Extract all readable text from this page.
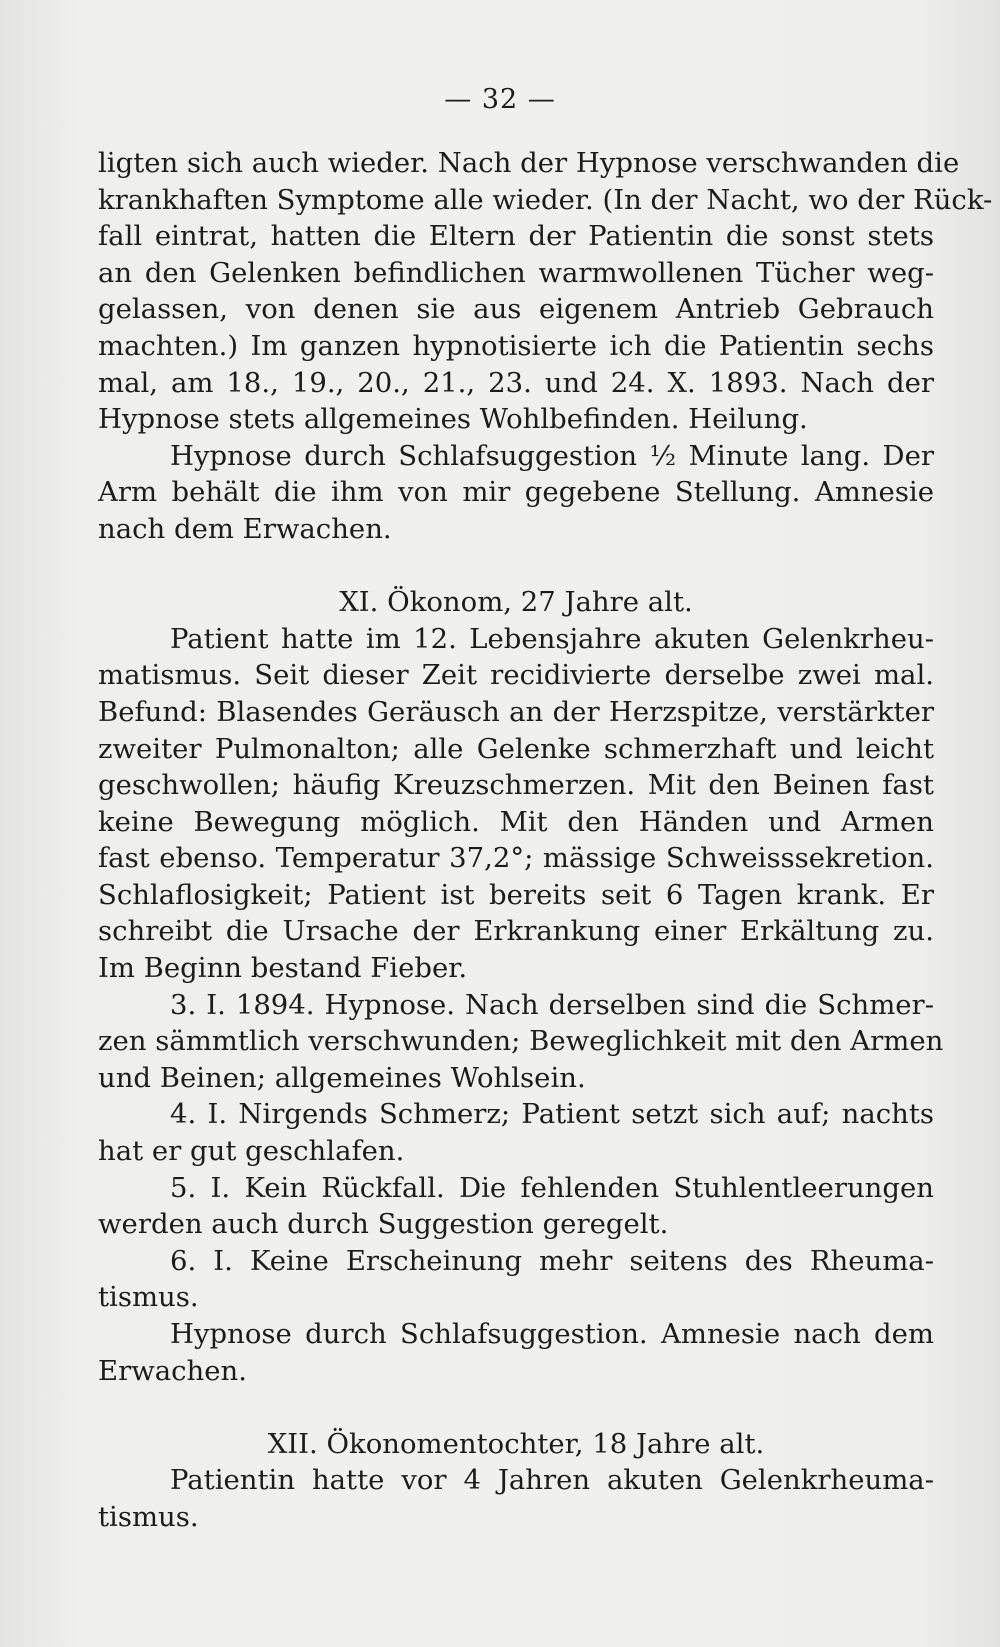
— 32 —
ligten sich auch wieder. Nach der Hypnose verschwanden die
krankhaften Symptome alle wieder. (In der Nacht, wo der Rück-
fall eintrat, hatten die Eltern der Patientin die sonst stets
an den Gelenken befindlichen warmwollenen Tücher weg-
gelassen, von denen sie aus eigenem Antrieb Gebrauch
machten.) Im ganzen hypnotisierte ich die Patientin sechs
mal, am 18., 19., 20., 21., 23. und 24. X. 1893. Nach der
Hypnose stets allgemeines Wohlbefinden. Heilung.
Hypnose durch Schlafsuggestion ½ Minute lang. Der
Arm behält die ihm von mir gegebene Stellung. Amnesie
nach dem Erwachen.
XI. Ökonom, 27 Jahre alt.
Patient hatte im 12. Lebensjahre akuten Gelenkrheu-
matismus. Seit dieser Zeit recidivierte derselbe zwei mal.
Befund: Blasendes Geräusch an der Herzspitze, verstärkter
zweiter Pulmonalton; alle Gelenke schmerzhaft und leicht
geschwollen; häufig Kreuzschmerzen. Mit den Beinen fast
keine Bewegung möglich. Mit den Händen und Armen
fast ebenso. Temperatur 37,2°; mässige Schweisssekretion.
Schlaflosigkeit; Patient ist bereits seit 6 Tagen krank. Er
schreibt die Ursache der Erkrankung einer Erkältung zu.
Im Beginn bestand Fieber.
3. I. 1894. Hypnose. Nach derselben sind die Schmer-
zen sämmtlich verschwunden; Beweglichkeit mit den Armen
und Beinen; allgemeines Wohlsein.
4. I. Nirgends Schmerz; Patient setzt sich auf; nachts
hat er gut geschlafen.
5. I. Kein Rückfall. Die fehlenden Stuhlentleerungen
werden auch durch Suggestion geregelt.
6. I. Keine Erscheinung mehr seitens des Rheuma-
tismus.
Hypnose durch Schlafsuggestion. Amnesie nach dem
Erwachen.
XII. Ökonomentochter, 18 Jahre alt.
Patientin hatte vor 4 Jahren akuten Gelenkrheuma-
tismus.
